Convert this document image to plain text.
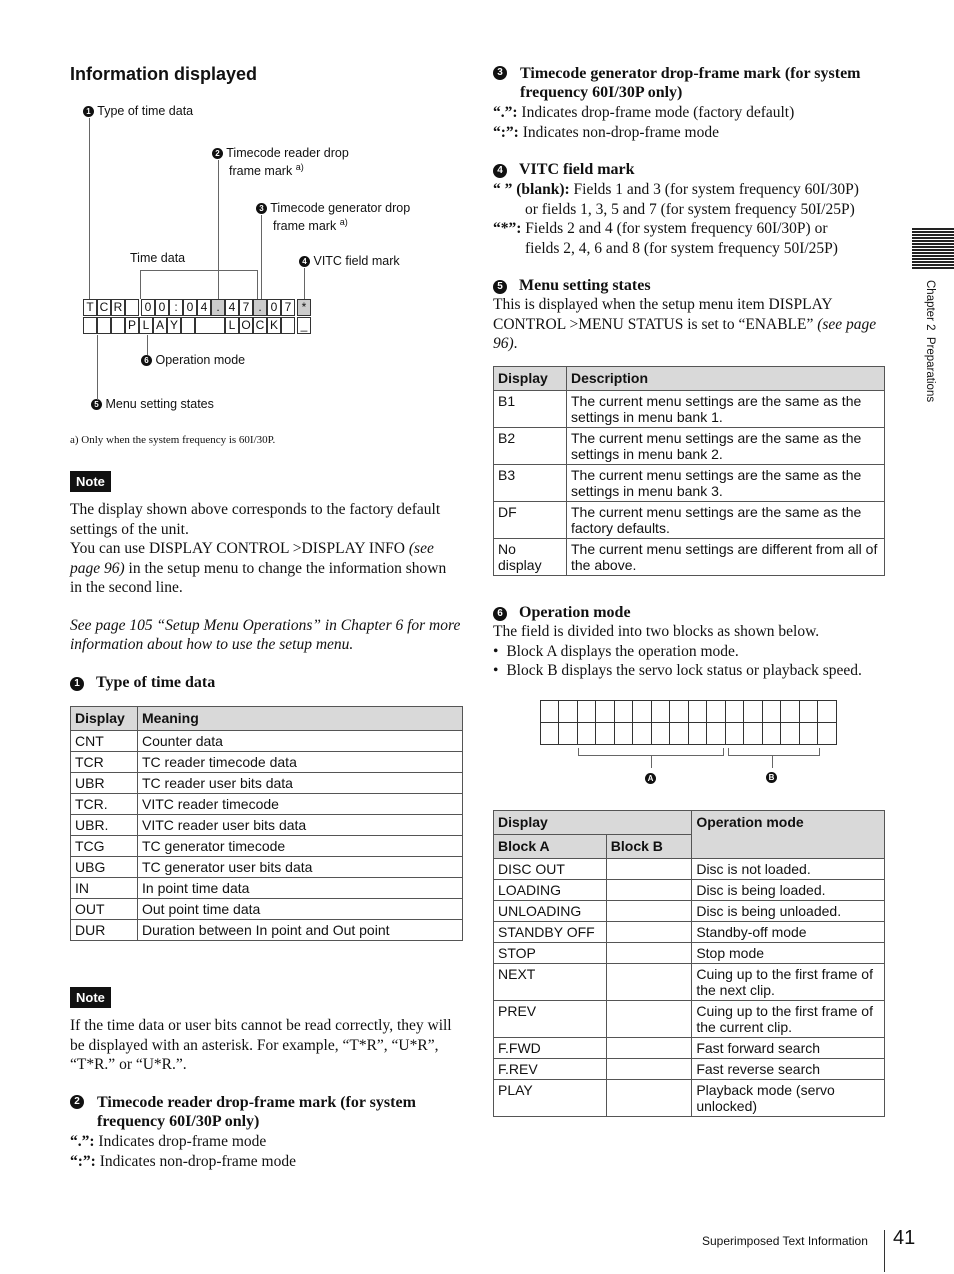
Information displayed
1 Type of time data
2 Timecode reader drop
frame mark $^{a)}$
3 Timecode generator drop
frame mark $^{a)}$
Time data	4 VITC field mark
6 Operation mode
5 Menu setting states
T C R	0 0 : 0 4 . 4 7 . 0 7 *
P L A Y	L O C K	_
a) Only when the system frequency is 60I/30P.
Note
The display shown above corresponds to the factory default settings of the unit.
You can use DISPLAY CONTROL >DISPLAY INFO (see page 96) in the setup menu to change the information shown in the second line.
See page 105 “Setup Menu Operations” in Chapter 6 for more information about how to use the setup menu.
1 Type of time data
Display	Meaning
CNT	Counter data
TCR	TC reader timecode data
UBR	TC reader user bits data
TCR.	VITC reader timecode
UBR.	VITC reader user bits data
TCG	TC generator timecode
UBG	TC generator user bits data
IN	In point time data
OUT	Out point time data
DUR	Duration between In point and Out point
Note
If the time data or user bits cannot be read correctly, they will be displayed with an asterisk. For example, “T*R”, “U*R”, “T*R.” or “U*R.”.
2 Timecode reader drop-frame mark (for system frequency 60I/30P only)
“.”: Indicates drop-frame mode
“:”: Indicates non-drop-frame mode
3 Timecode generator drop-frame mark (for system frequency 60I/30P only)
“.”: Indicates drop-frame mode (factory default)
“:”: Indicates non-drop-frame mode
4 VITC field mark
“ ” (blank): Fields 1 and 3 (for system frequency 60I/30P)
or fields 1, 3, 5 and 7 (for system frequency 50I/25P)
“*”: Fields 2 and 4 (for system frequency 60I/30P) or
fields 2, 4, 6 and 8 (for system frequency 50I/25P)
5 Menu setting states
This is displayed when the setup menu item DISPLAY CONTROL >MENU STATUS is set to “ENABLE” (see page 96).
Display	Description
B1	The current menu settings are the same as the settings in menu bank 1.
B2	The current menu settings are the same as the settings in menu bank 2.
B3	The current menu settings are the same as the settings in menu bank 3.
DF	The current menu settings are the same as the factory defaults.
No display	The current menu settings are different from all of the above.
6 Operation mode
The field is divided into two blocks as shown below.
• Block A displays the operation mode.
• Block B displays the servo lock status or playback speed.
A	B
Display		Operation mode
Block A	Block B	
DISC OUT		Disc is not loaded.
LOADING		Disc is being loaded.
UNLOADING		Disc is being unloaded.
STANDBY OFF		Standby-off mode
STOP		Stop mode
NEXT		Cuing up to the first frame of the next clip.
PREV		Cuing up to the first frame of the current clip.
F.FWD		Fast forward search
F.REV		Fast reverse search
PLAY		Playback mode (servo unlocked)
Chapter 2  Preparations
Superimposed Text Information 41
